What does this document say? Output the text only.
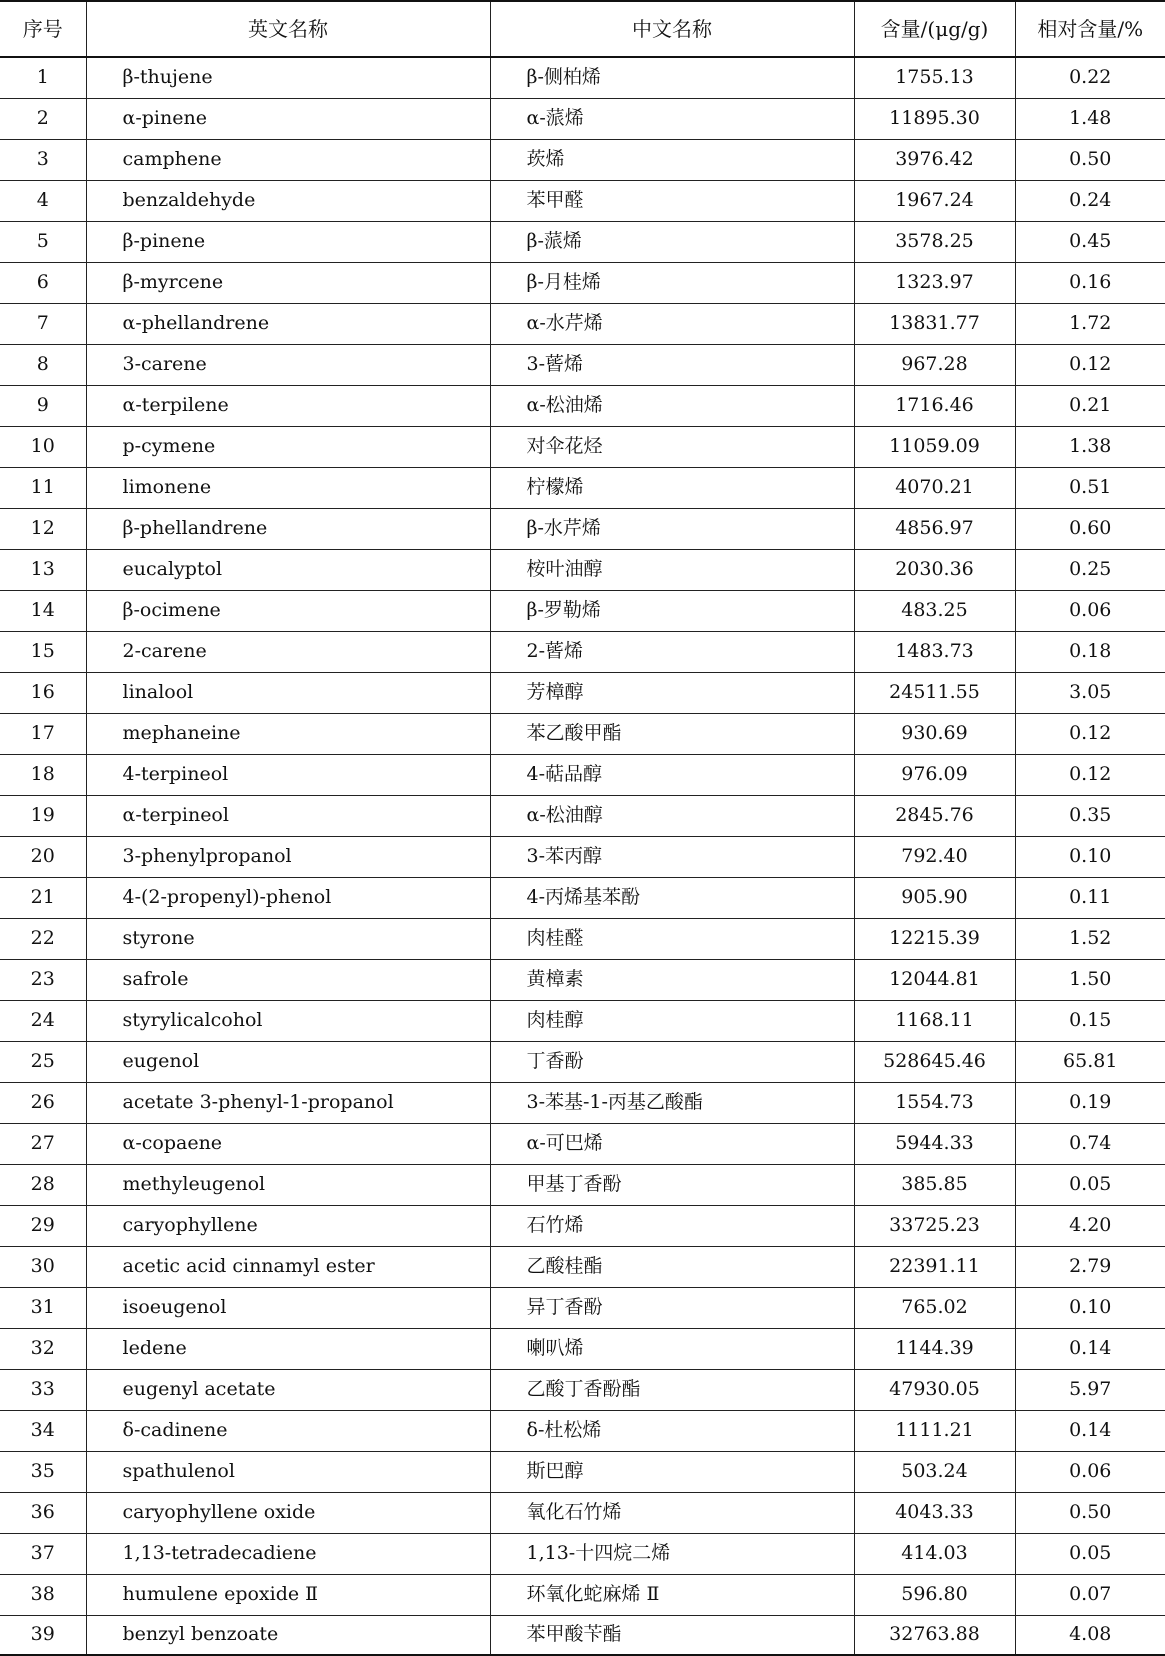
序号	英文名称	中文名称	含量/(μg/g)	相对含量/%
1	β-thujene	β-侧柏烯	1755.13	0.22
2	α-pinene	α-蒎烯	11895.30	1.48
3	camphene	莰烯	3976.42	0.50
4	benzaldehyde	苯甲醛	1967.24	0.24
5	β-pinene	β-蒎烯	3578.25	0.45
6	β-myrcene	β-月桂烯	1323.97	0.16
7	α-phellandrene	α-水芹烯	13831.77	1.72
8	3-carene	3-蒈烯	967.28	0.12
9	α-terpilene	α-松油烯	1716.46	0.21
10	p-cymene	对伞花烃	11059.09	1.38
11	limonene	柠檬烯	4070.21	0.51
12	β-phellandrene	β-水芹烯	4856.97	0.60
13	eucalyptol	桉叶油醇	2030.36	0.25
14	β-ocimene	β-罗勒烯	483.25	0.06
15	2-carene	2-蒈烯	1483.73	0.18
16	linalool	芳樟醇	24511.55	3.05
17	mephaneine	苯乙酸甲酯	930.69	0.12
18	4-terpineol	4-萜品醇	976.09	0.12
19	α-terpineol	α-松油醇	2845.76	0.35
20	3-phenylpropanol	3-苯丙醇	792.40	0.10
21	4-(2-propenyl)-phenol	4-丙烯基苯酚	905.90	0.11
22	styrone	肉桂醛	12215.39	1.52
23	safrole	黄樟素	12044.81	1.50
24	styrylicalcohol	肉桂醇	1168.11	0.15
25	eugenol	丁香酚	528645.46	65.81
26	acetate 3-phenyl-1-propanol	3-苯基-1-丙基乙酸酯	1554.73	0.19
27	α-copaene	α-可巴烯	5944.33	0.74
28	methyleugenol	甲基丁香酚	385.85	0.05
29	caryophyllene	石竹烯	33725.23	4.20
30	acetic acid cinnamyl ester	乙酸桂酯	22391.11	2.79
31	isoeugenol	异丁香酚	765.02	0.10
32	ledene	喇叭烯	1144.39	0.14
33	eugenyl acetate	乙酸丁香酚酯	47930.05	5.97
34	δ-cadinene	δ-杜松烯	1111.21	0.14
35	spathulenol	斯巴醇	503.24	0.06
36	caryophyllene oxide	氧化石竹烯	4043.33	0.50
37	1,13-tetradecadiene	1,13-十四烷二烯	414.03	0.05
38	humulene epoxide Ⅱ	环氧化蛇麻烯 Ⅱ	596.80	0.07
39	benzyl benzoate	苯甲酸苄酯	32763.88	4.08
